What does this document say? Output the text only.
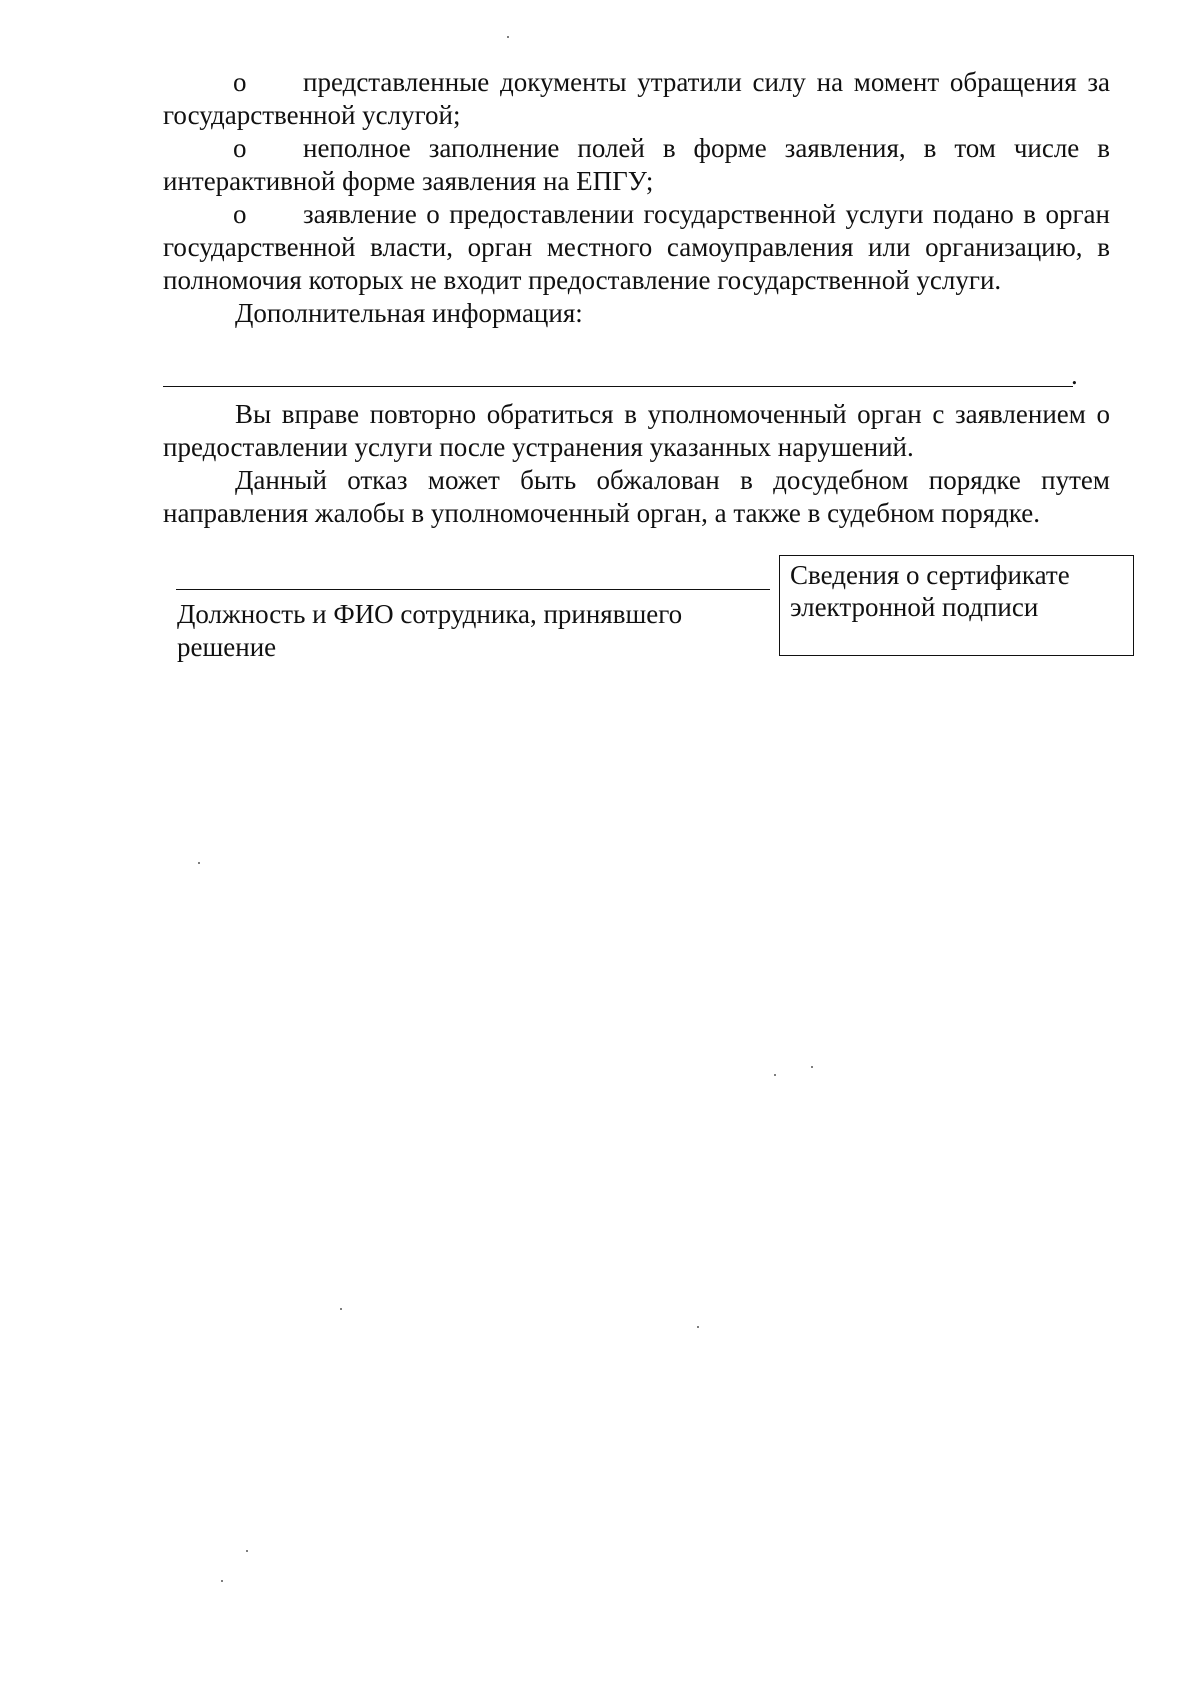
o представленные документы утратили силу на момент обращения за государственной услугой;

o неполное заполнение полей в форме заявления, в том числе в интерактивной форме заявления на ЕПГУ;

o заявление о предоставлении государственной услуги подано в орган государственной власти, орган местного самоуправления или организацию, в полномочия которых не входит предоставление государственной услуги.

Дополнительная информация:

.

Вы вправе повторно обратиться в уполномоченный орган с заявлением о предоставлении услуги после устранения указанных нарушений.

Данный отказ может быть обжалован в досудебном порядке путем направления жалобы в уполномоченный орган, а также в судебном порядке.

Должность и ФИО сотрудника, принявшего решение

Сведения о сертификате электронной подписи
